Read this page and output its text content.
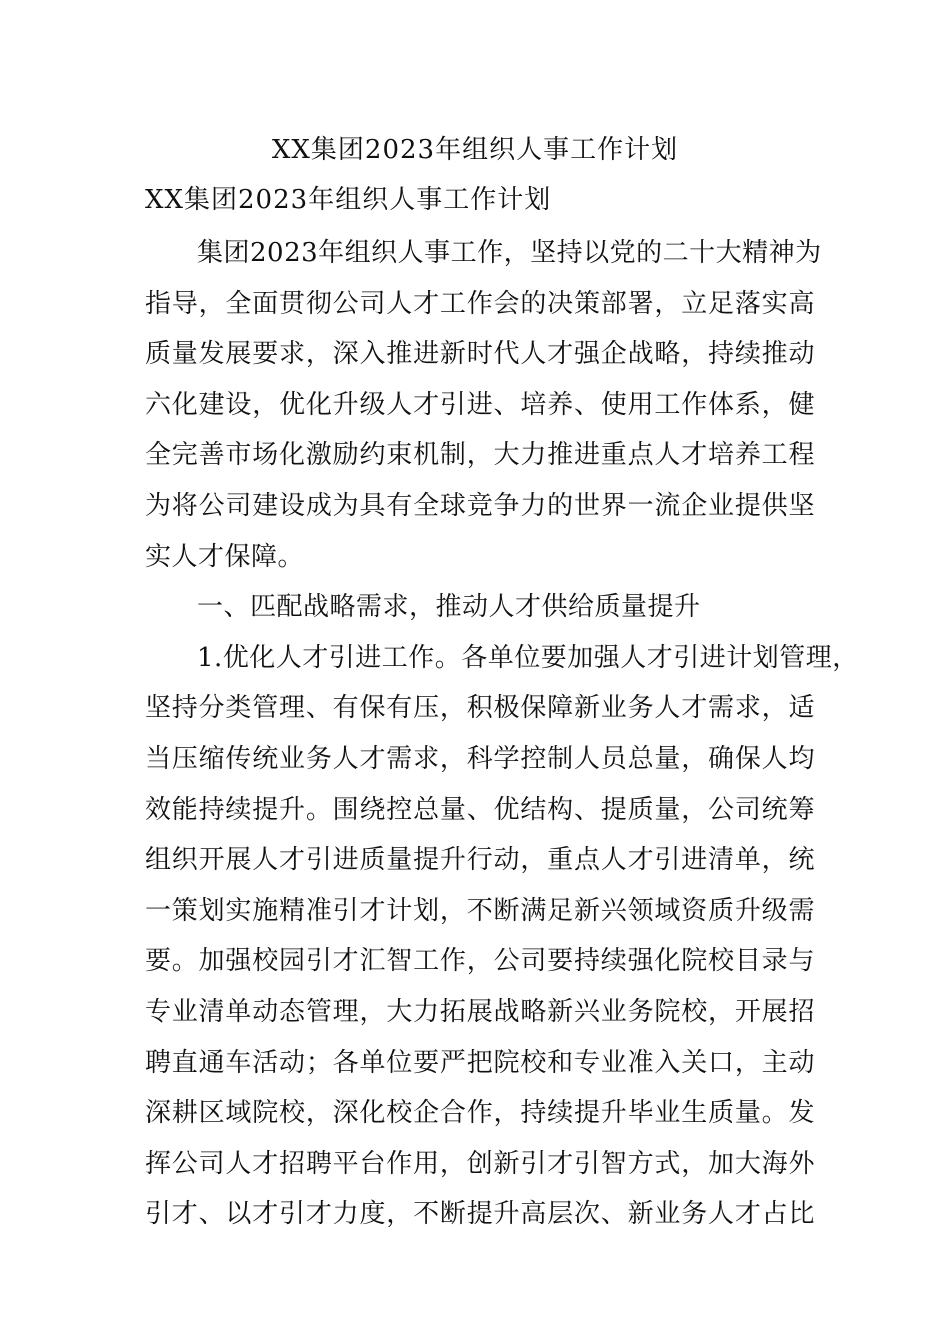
XX集团2023年组织人事工作计划
XX集团2023年组织人事工作计划
集团2023年组织人事工作，坚持以党的二十大精神为
指导，全面贯彻公司人才工作会的决策部署，立足落实高
质量发展要求，深入推进新时代人才强企战略，持续推动
六化建设，优化升级人才引进、培养、使用工作体系，健
全完善市场化激励约束机制，大力推进重点人才培养工程
为将公司建设成为具有全球竞争力的世界一流企业提供坚
实人才保障。
一、匹配战略需求，推动人才供给质量提升
1.优化人才引进工作。各单位要加强人才引进计划管理，
坚持分类管理、有保有压，积极保障新业务人才需求，适
当压缩传统业务人才需求，科学控制人员总量，确保人均
效能持续提升。围绕控总量、优结构、提质量，公司统筹
组织开展人才引进质量提升行动，重点人才引进清单，统
一策划实施精准引才计划，不断满足新兴领域资质升级需
要。加强校园引才汇智工作，公司要持续强化院校目录与
专业清单动态管理，大力拓展战略新兴业务院校，开展招
聘直通车活动；各单位要严把院校和专业准入关口，主动
深耕区域院校，深化校企合作，持续提升毕业生质量。发
挥公司人才招聘平台作用，创新引才引智方式，加大海外
引才、以才引才力度，不断提升高层次、新业务人才占比
